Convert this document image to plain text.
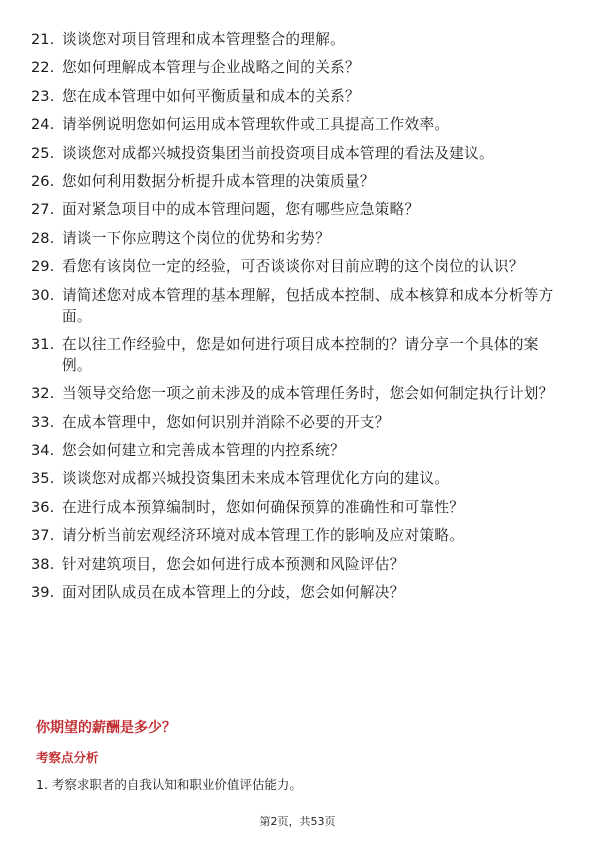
21. 谈谈您对项目管理和成本管理整合的理解。
22. 您如何理解成本管理与企业战略之间的关系？
23. 您在成本管理中如何平衡质量和成本的关系？
24. 请举例说明您如何运用成本管理软件或工具提高工作效率。
25. 谈谈您对成都兴城投资集团当前投资项目成本管理的看法及建议。
26. 您如何利用数据分析提升成本管理的决策质量？
27. 面对紧急项目中的成本管理问题，您有哪些应急策略？
28. 请谈一下你应聘这个岗位的优势和劣势？
29. 看您有该岗位一定的经验，可否谈谈你对目前应聘的这个岗位的认识？
30. 请简述您对成本管理的基本理解，包括成本控制、成本核算和成本分析等方面。
31. 在以往工作经验中，您是如何进行项目成本控制的？请分享一个具体的案例。
32. 当领导交给您一项之前未涉及的成本管理任务时，您会如何制定执行计划？
33. 在成本管理中，您如何识别并消除不必要的开支？
34. 您会如何建立和完善成本管理的内控系统？
35. 谈谈您对成都兴城投资集团未来成本管理优化方向的建议。
36. 在进行成本预算编制时，您如何确保预算的准确性和可靠性？
37. 请分析当前宏观经济环境对成本管理工作的影响及应对策略。
38. 针对建筑项目，您会如何进行成本预测和风险评估？
39. 面对团队成员在成本管理上的分歧，您会如何解决？
你期望的薪酬是多少？
考察点分析
1. 考察求职者的自我认知和职业价值评估能力。
第2页，共53页
